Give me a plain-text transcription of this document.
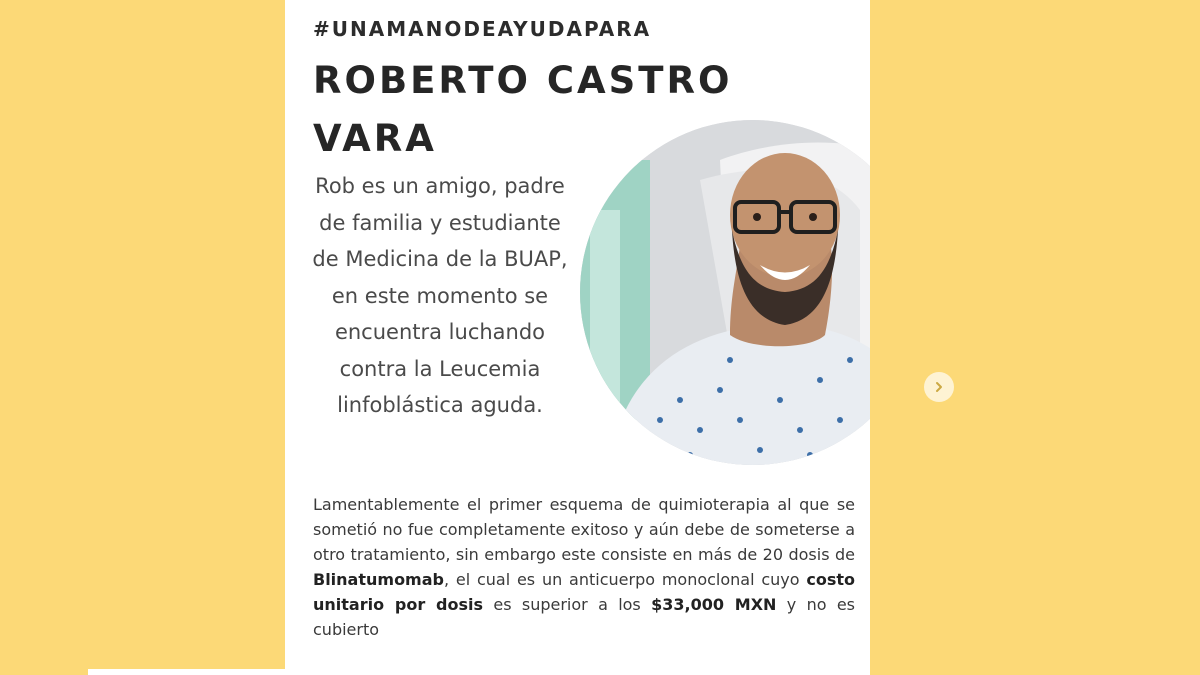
#UNAMANODEAYUDAPARA
ROBERTO CASTRO VARA

Rob es un amigo, padre de familia y estudiante de Medicina de la BUAP, en este momento se encuentra luchando contra la Leucemia linfoblástica aguda.

Lamentablemente el primer esquema de quimioterapia al que se sometió no fue completamente exitoso y aún debe de someterse a otro tratamiento, sin embargo este consiste en más de 20 dosis de Blinatumomab, el cual es un anticuerpo monoclonal cuyo costo unitario por dosis es superior a los $33,000 MXN y no es cubierto
